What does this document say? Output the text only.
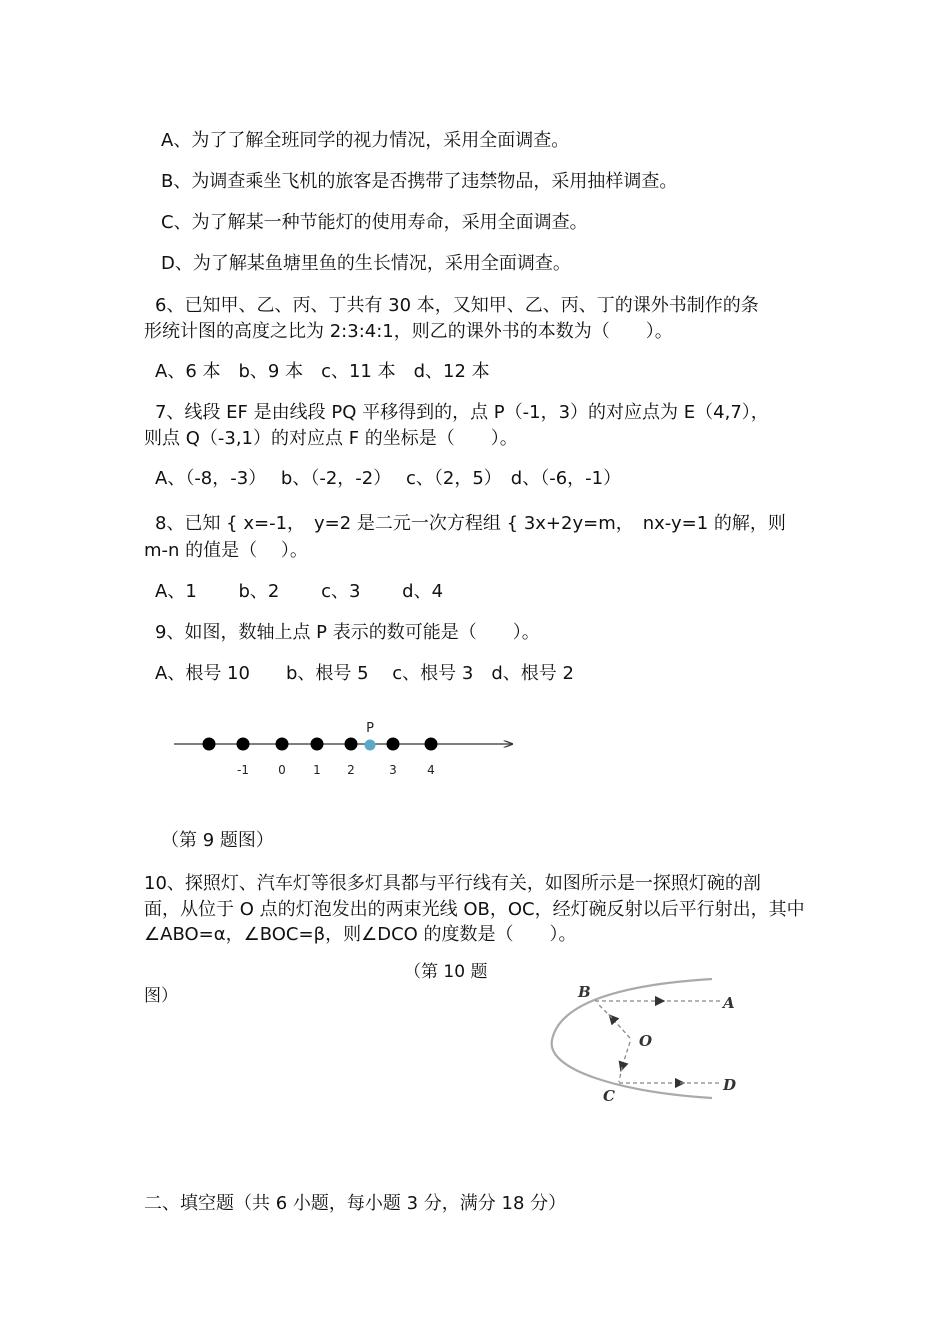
A、为了了解全班同学的视力情况，采用全面调查。
B、为调查乘坐飞机的旅客是否携带了违禁物品，采用抽样调查。
C、为了解某一种节能灯的使用寿命，采用全面调查。
D、为了解某鱼塘里鱼的生长情况，采用全面调查。
6、已知甲、乙、丙、丁共有 30 本，又知甲、乙、丙、丁的课外书制作的条
形统计图的高度之比为 2:3:4:1，则乙的课外书的本数为（　　）。
A、6 本　b、9 本　c、11 本　d、12 本
7、线段 EF 是由线段 PQ 平移得到的，点 P（-1，3）的对应点为 E（4,7），
则点 Q（-3,1）的对应点 F 的坐标是（　　）。
A、（-8，-3）　 b、（-2，-2）　 c、（2，5）　d、（-6，-1）
8、已知 { x=-1，　y=2 是二元一次方程组 { 3x+2y=m，　nx-y=1 的解，则
m-n 的值是（　 ）。
A、1　　 b、2　　 c、3　　 d、4
9、如图，数轴上点 P 表示的数可能是（　　）。
A、根号 10　　b、根号 5　 c、根号 3　d、根号 2
P
-1 0 1 2	3	4
（第 9 题图）
10、探照灯、汽车灯等很多灯具都与平行线有关，如图所示是一探照灯碗的剖
面，从位于 O 点的灯泡发出的两束光线 OB，OC，经灯碗反射以后平行射出，其中
∠ABO=α，∠BOC=β，则∠DCO 的度数是（　　）。
（第 10 题
图）	B
A
O
C
D
二、填空题（共 6 小题，每小题 3 分，满分 18 分）
